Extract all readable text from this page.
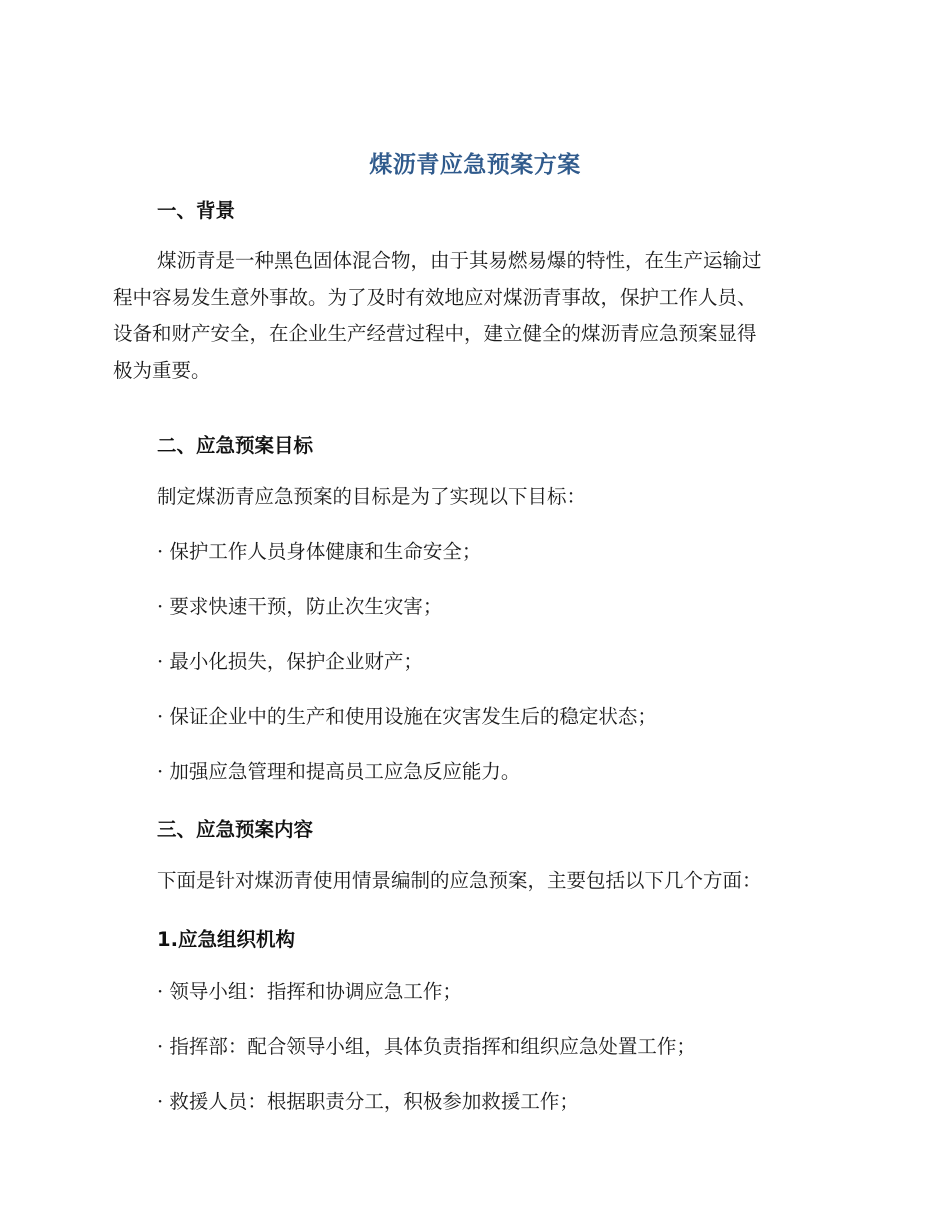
煤沥青应急预案方案
一、背景
煤沥青是一种黑色固体混合物，由于其易燃易爆的特性，在生产运输过
程中容易发生意外事故。为了及时有效地应对煤沥青事故，保护工作人员、
设备和财产安全，在企业生产经营过程中，建立健全的煤沥青应急预案显得
极为重要。
二、应急预案目标
制定煤沥青应急预案的目标是为了实现以下目标：
· 保护工作人员身体健康和生命安全；
· 要求快速干预，防止次生灾害；
· 最小化损失，保护企业财产；
· 保证企业中的生产和使用设施在灾害发生后的稳定状态；
· 加强应急管理和提高员工应急反应能力。
三、应急预案内容
下面是针对煤沥青使用情景编制的应急预案，主要包括以下几个方面：
1.应急组织机构
· 领导小组：指挥和协调应急工作；
· 指挥部：配合领导小组，具体负责指挥和组织应急处置工作；
· 救援人员：根据职责分工，积极参加救援工作；
